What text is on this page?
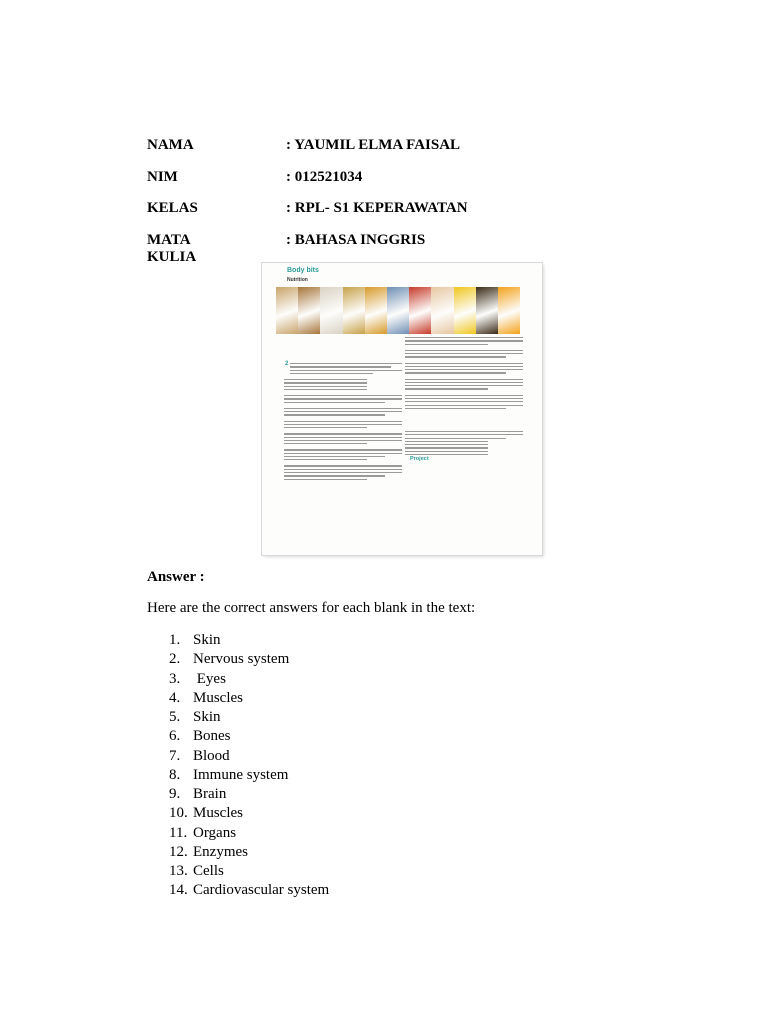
NAMA	: YAUMIL ELMA FAISAL
NIM	: 012521034
KELAS	: RPL- S1 KEPERAWATAN
MATA KULIA
: BAHASA INGGRIS
Body bits
Nutrition
2
Project
Answer :
Here are the correct answers for each blank in the text:
1. Skin
2. Nervous system
3. Eyes
4. Muscles
5. Skin
6. Bones
7. Blood
8. Immune system
9. Brain
10. Muscles
11. Organs
12. Enzymes
13. Cells
14. Cardiovascular system
